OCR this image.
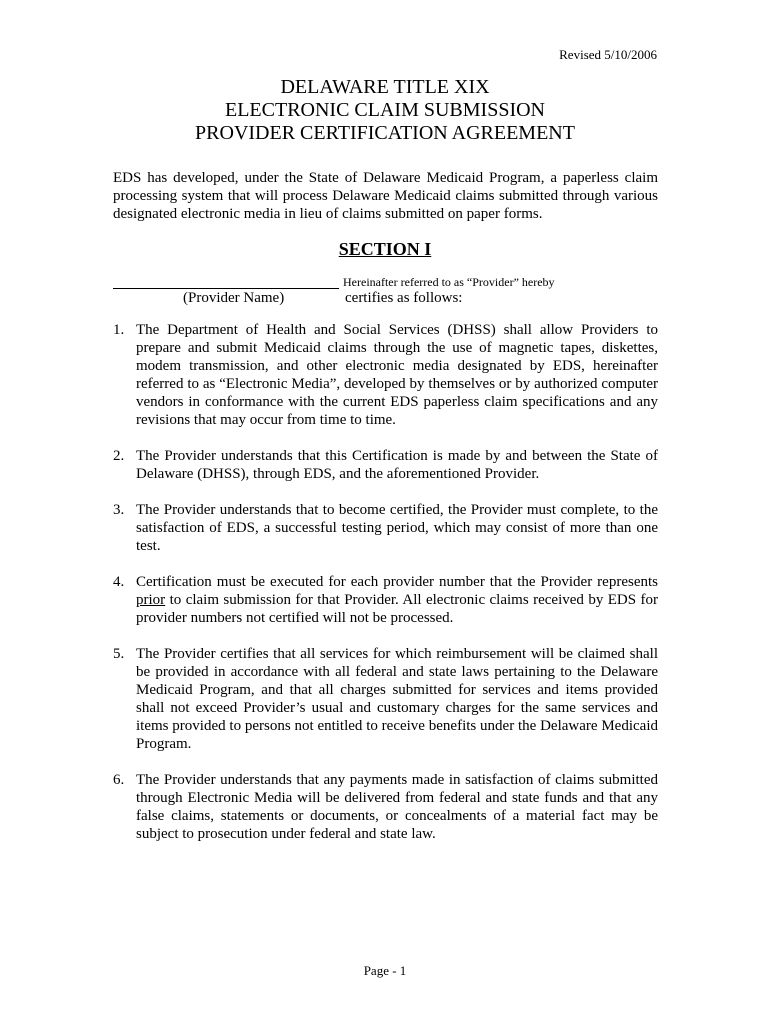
Revised 5/10/2006
DELAWARE TITLE XIX
ELECTRONIC CLAIM SUBMISSION
PROVIDER CERTIFICATION AGREEMENT

EDS has developed, under the State of Delaware Medicaid Program, a paperless claim processing system that will process Delaware Medicaid claims submitted through various designated electronic media in lieu of claims submitted on paper forms.

SECTION I
Hereinafter referred to as “Provider” hereby
(Provider Name)	certifies as follows:
1. The Department of Health and Social Services (DHSS) shall allow Providers to prepare and submit Medicaid claims through the use of magnetic tapes, diskettes, modem transmission, and other electronic media designated by EDS, hereinafter referred to as “Electronic Media”, developed by themselves or by authorized computer vendors in conformance with the current EDS paperless claim specifications and any revisions that may occur from time to time.
2. The Provider understands that this Certification is made by and between the State of Delaware (DHSS), through EDS, and the aforementioned Provider.
3. The Provider understands that to become certified, the Provider must complete, to the satisfaction of EDS, a successful testing period, which may consist of more than one test.
4. Certification must be executed for each provider number that the Provider represents prior to claim submission for that Provider. All electronic claims received by EDS for provider numbers not certified will not be processed.
5. The Provider certifies that all services for which reimbursement will be claimed shall be provided in accordance with all federal and state laws pertaining to the Delaware Medicaid Program, and that all charges submitted for services and items provided shall not exceed Provider’s usual and customary charges for the same services and items provided to persons not entitled to receive benefits under the Delaware Medicaid Program.
6. The Provider understands that any payments made in satisfaction of claims submitted through Electronic Media will be delivered from federal and state funds and that any false claims, statements or documents, or concealments of a material fact may be subject to prosecution under federal and state law.
Page - 1
